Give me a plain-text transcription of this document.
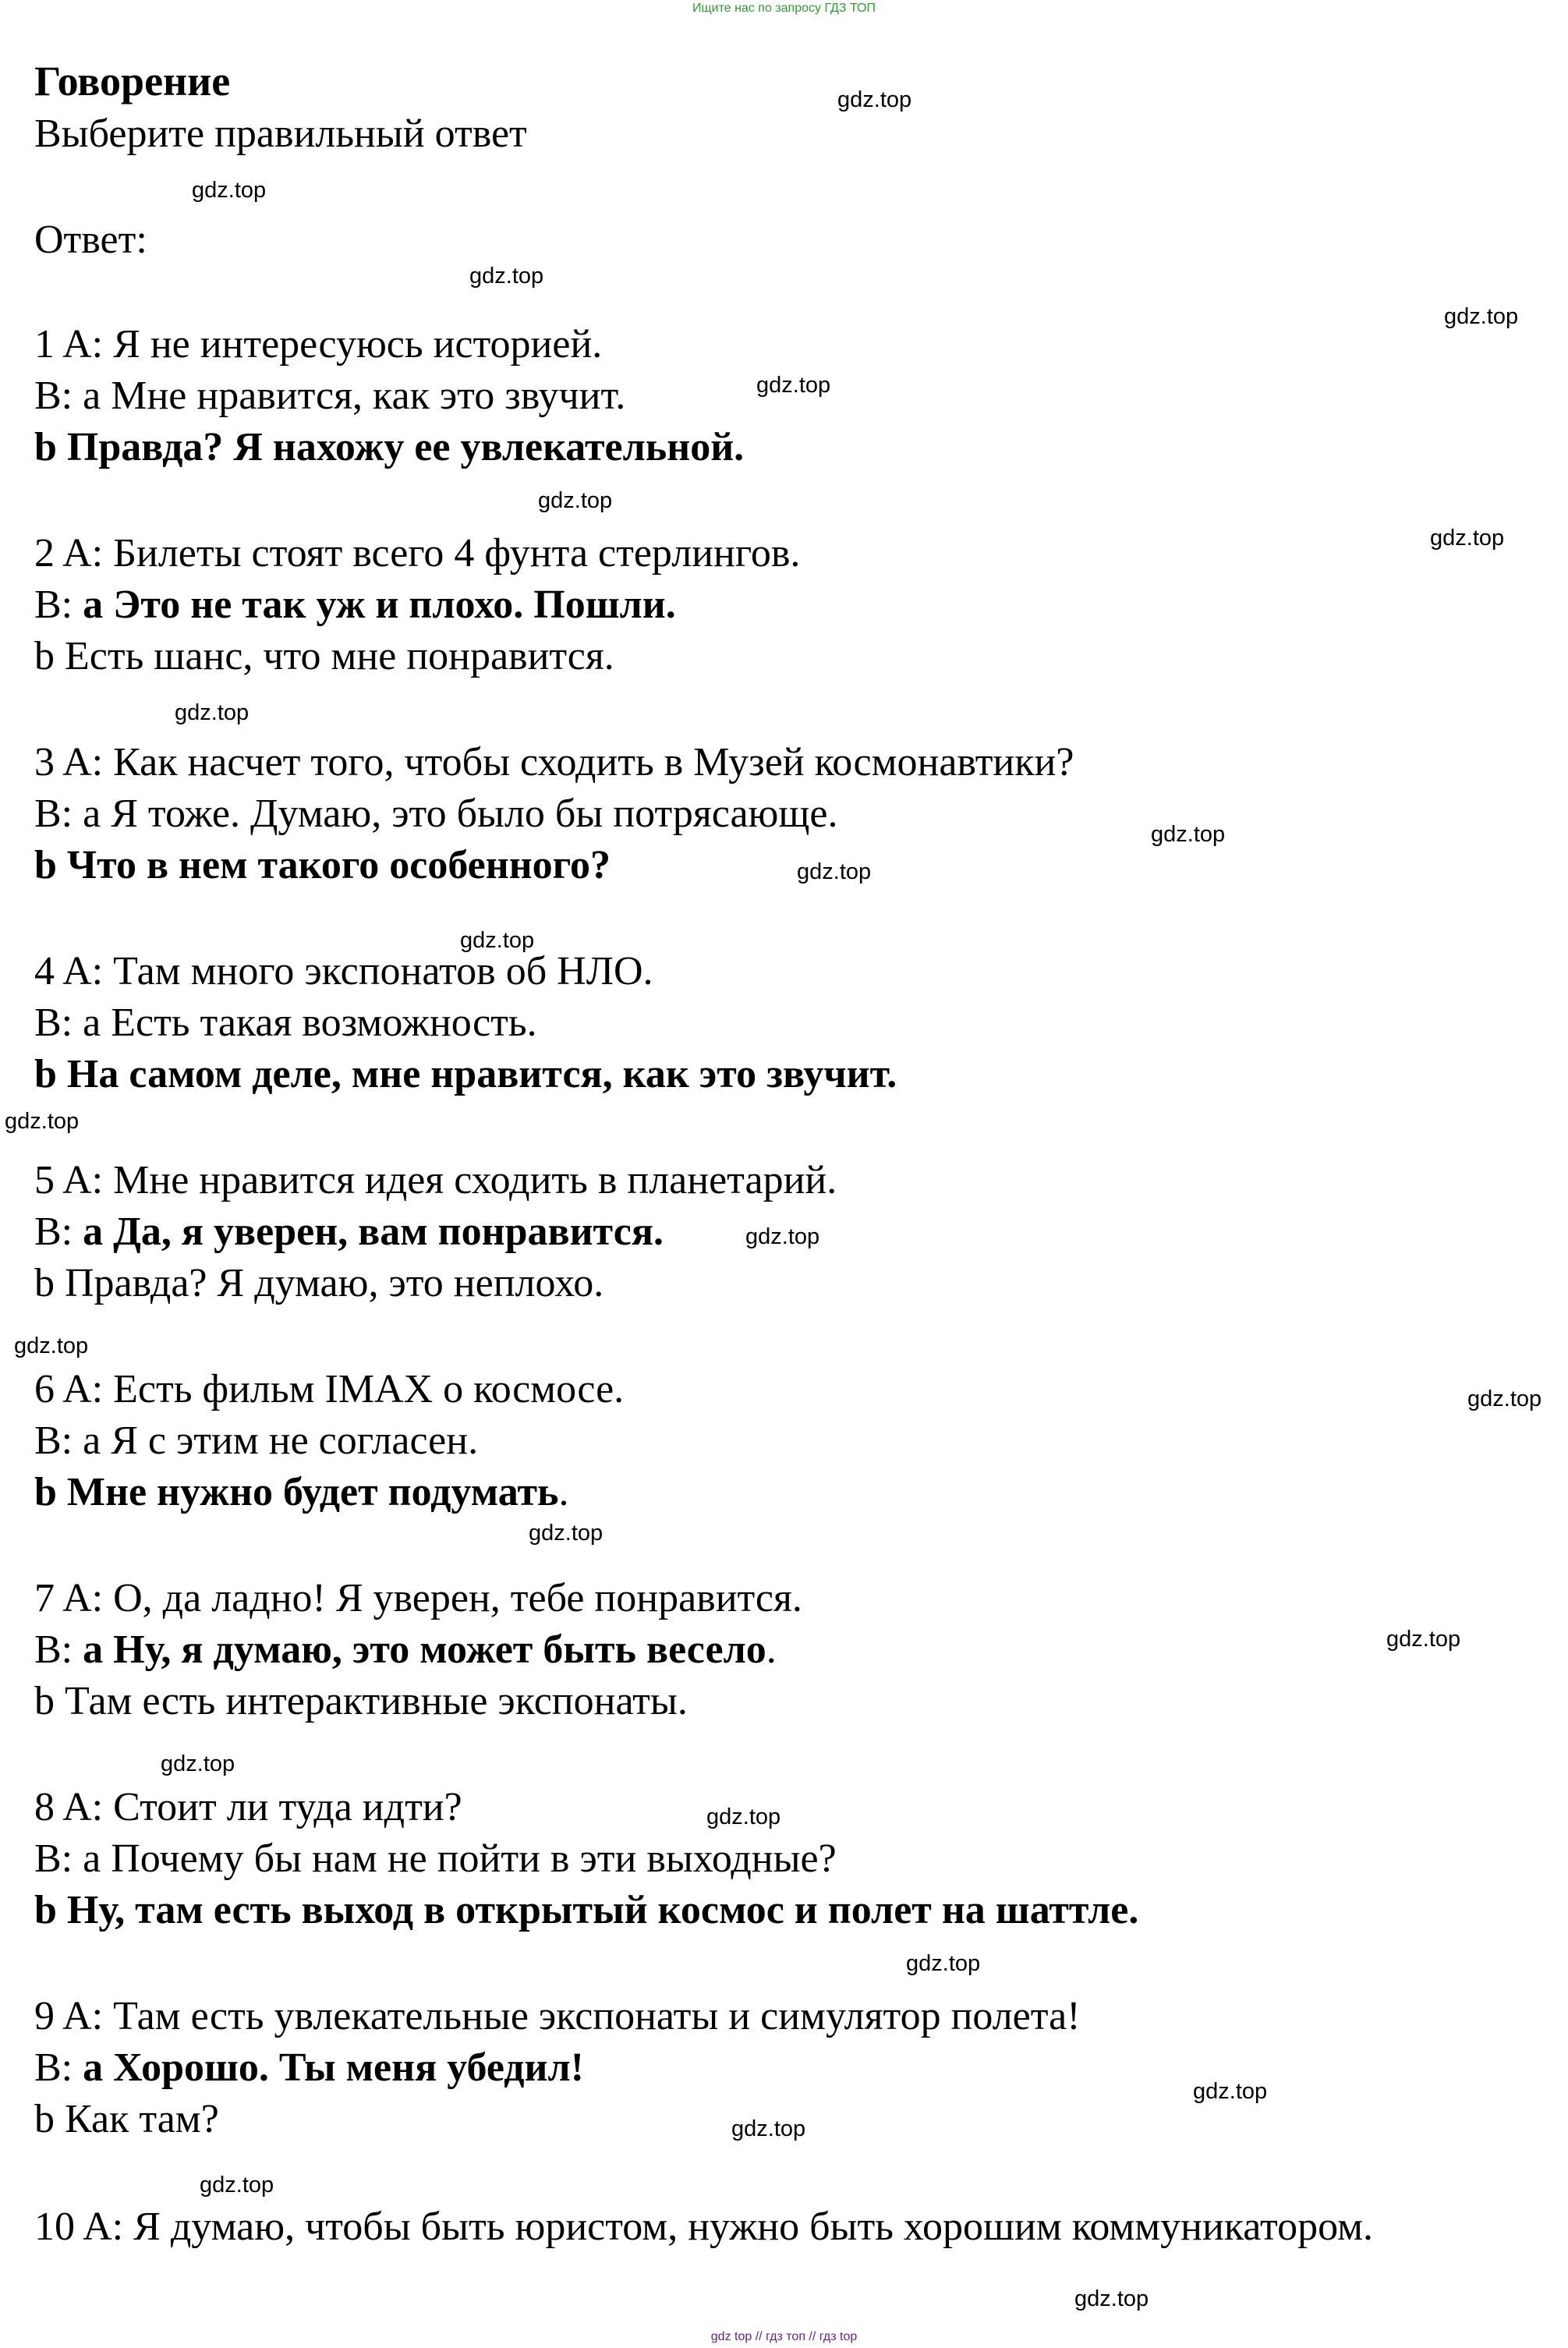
Ищите нас по запросу ГДЗ ТОП
Говорение
Выберите правильный ответ
Ответ:
1 A: Я не интересуюсь историей.
B: a Мне нравится, как это звучит.
b Правда? Я нахожу ее увлекательной.
2 A: Билеты стоят всего 4 фунта стерлингов.
B: a Это не так уж и плохо. Пошли.
b Есть шанс, что мне понравится.
3 A: Как насчет того, чтобы сходить в Музей космонавтики?
B: a Я тоже. Думаю, это было бы потрясающе.
b Что в нем такого особенного?
4 A: Там много экспонатов об НЛО.
B: a Есть такая возможность.
b На самом деле, мне нравится, как это звучит.
5 A: Мне нравится идея сходить в планетарий.
B: a Да, я уверен, вам понравится.
b Правда? Я думаю, это неплохо.
6 A: Есть фильм IMAX о космосе.
B: a Я с этим не согласен.
b Мне нужно будет подумать.
7 A: О, да ладно! Я уверен, тебе понравится.
B: a Ну, я думаю, это может быть весело.
b Там есть интерактивные экспонаты.
8 A: Стоит ли туда идти?
B: a Почему бы нам не пойти в эти выходные?
b Ну, там есть выход в открытый космос и полет на шаттле.
9 A: Там есть увлекательные экспонаты и симулятор полета!
B: a Хорошо. Ты меня убедил!
b Как там?
10 A: Я думаю, чтобы быть юристом, нужно быть хорошим коммуникатором.
gdz.top
gdz.top
gdz.top
gdz.top
gdz.top
gdz.top
gdz.top
gdz.top
gdz.top
gdz.top
gdz.top
gdz.top
gdz.top
gdz.top
gdz.top
gdz.top
gdz.top
gdz.top
gdz.top
gdz.top
gdz.top
gdz.top
gdz.top
gdz.top
gdz top // гдз топ // гдз top
